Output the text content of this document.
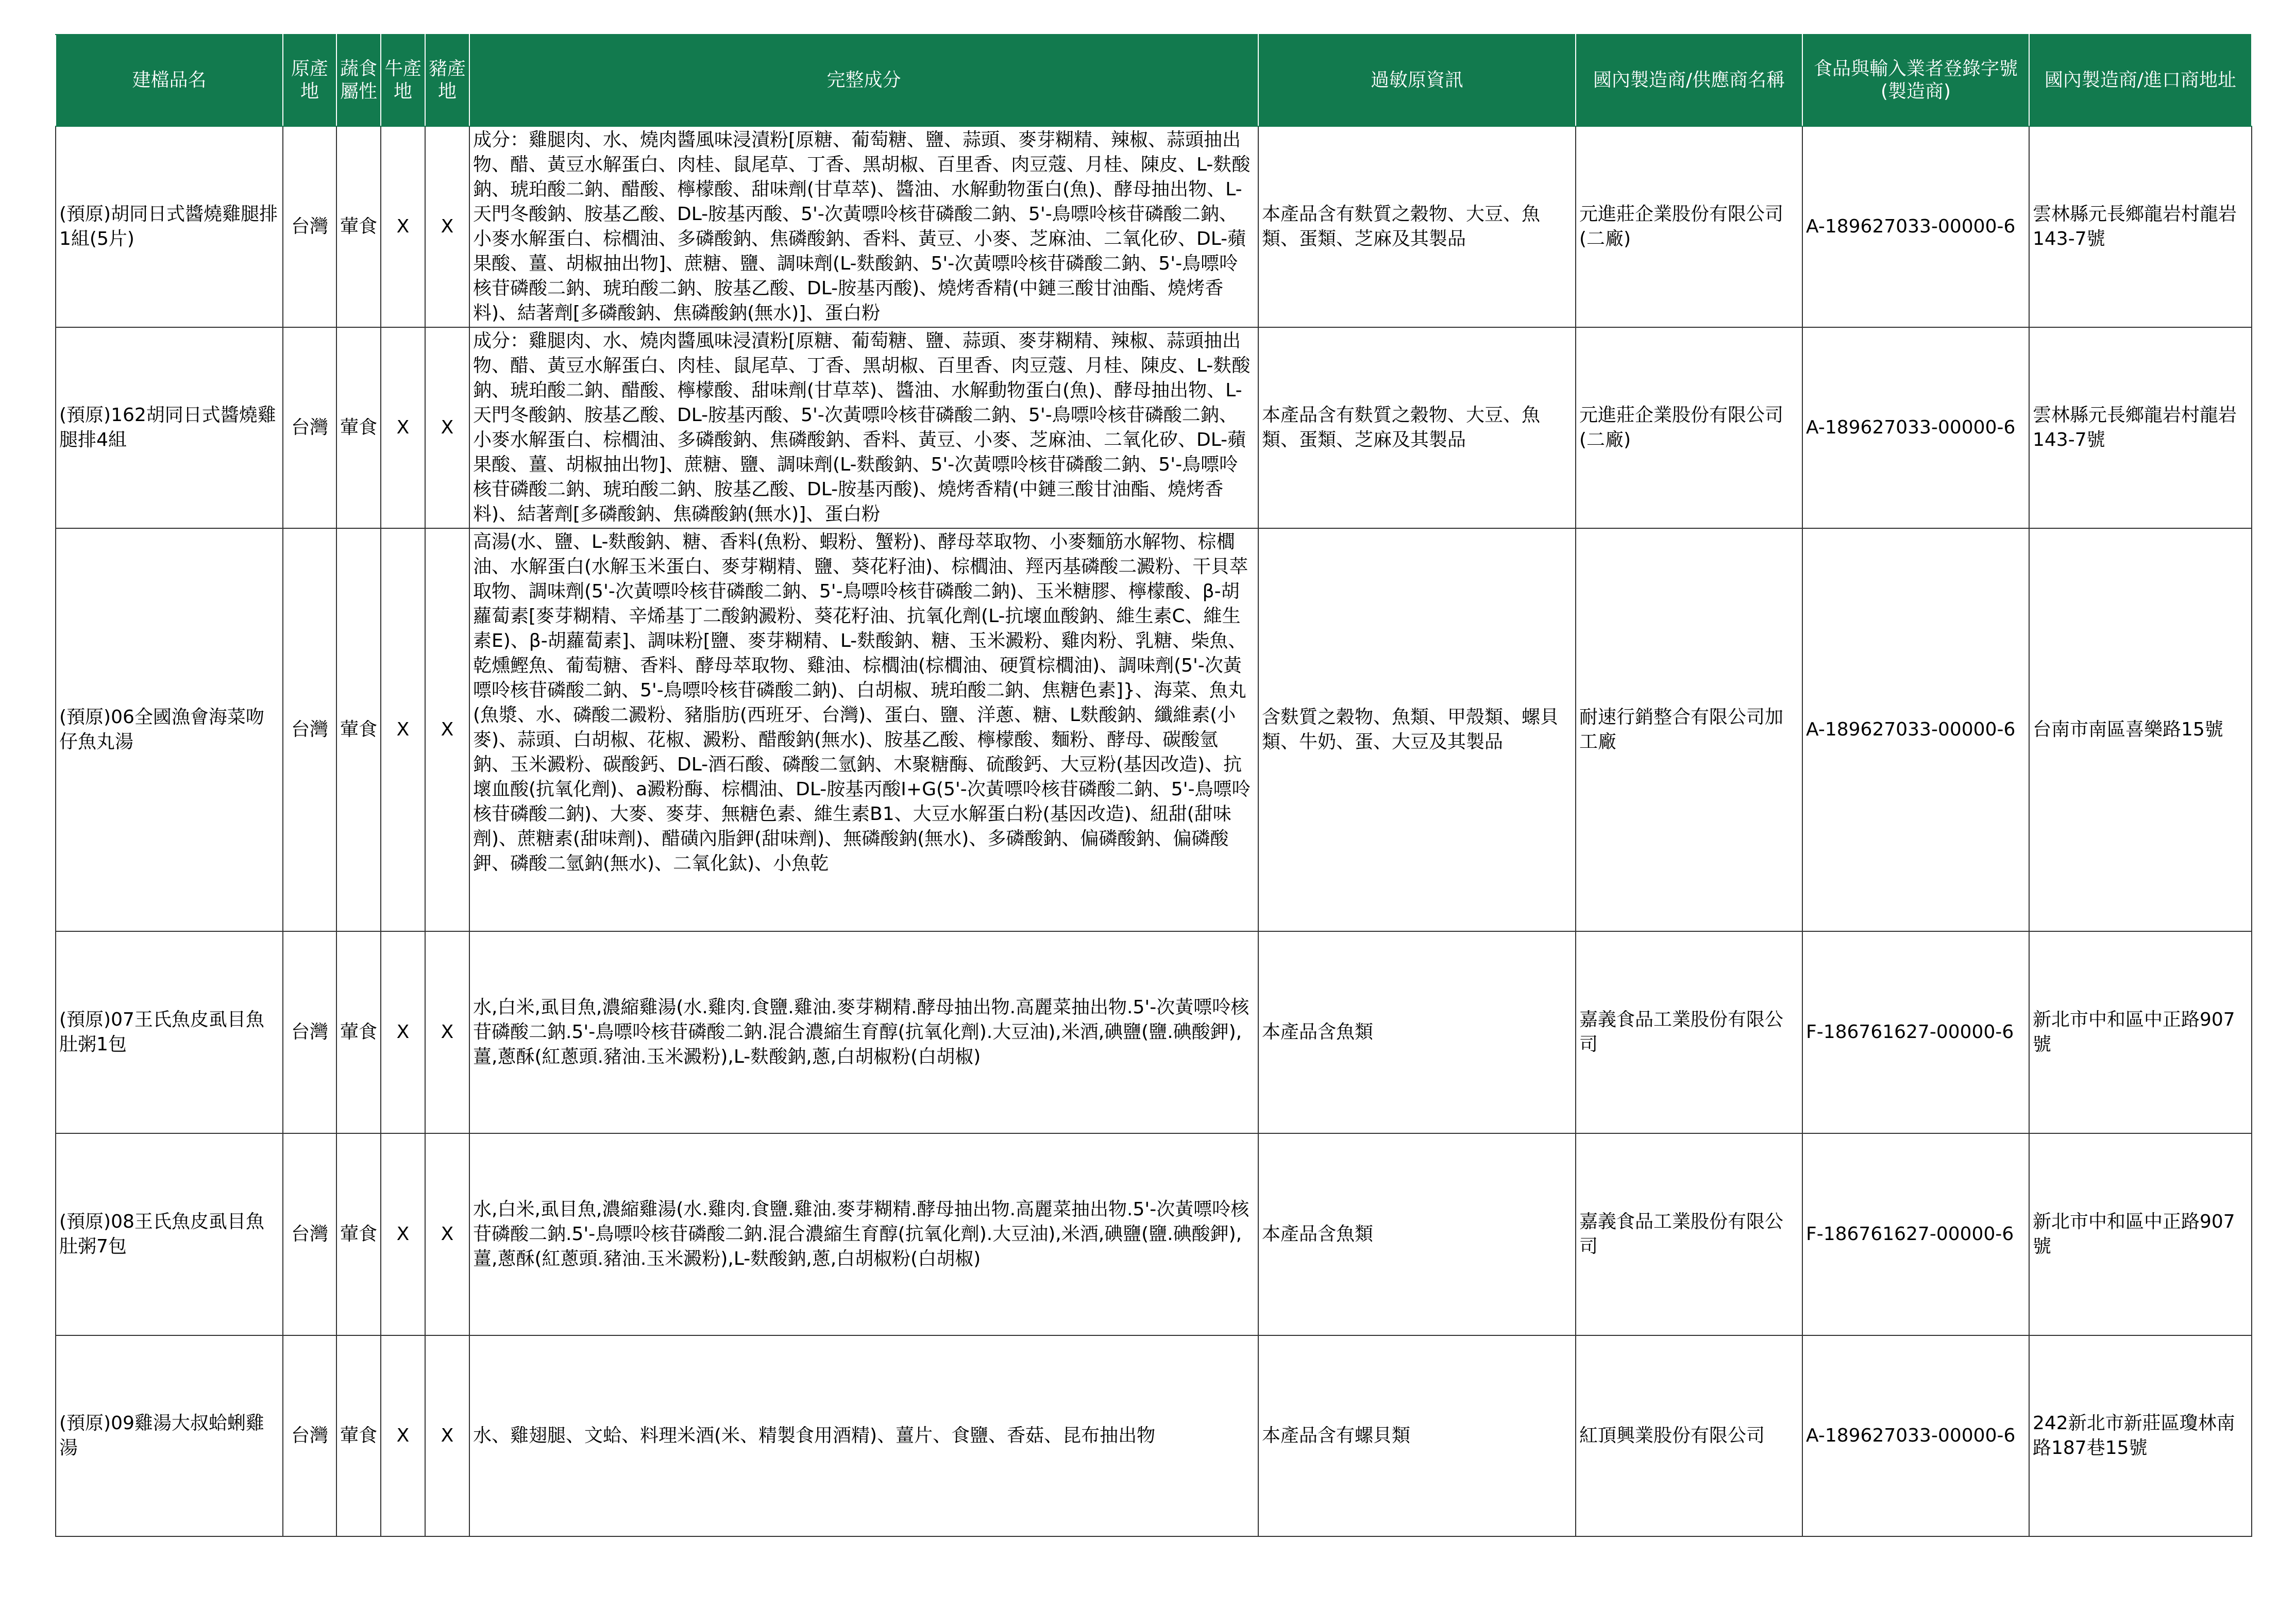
建檔品名	原產地	蔬食屬性	牛產地	豬產地	完整成分	過敏原資訊	國內製造商/供應商名稱	食品與輸入業者登錄字號(製造商)	國內製造商/進口商地址

(預原)胡同日式醬燒雞腿排1組(5片)	台灣	葷食	X	X	成分：雞腿肉、水、燒肉醬風味浸漬粉[原糖、葡萄糖、鹽、蒜頭、麥芽糊精、辣椒、蒜頭抽出物、醋、黃豆水解蛋白、肉桂、鼠尾草、丁香、黑胡椒、百里香、肉豆蔻、月桂、陳皮、L-麩酸鈉、琥珀酸二鈉、醋酸、檸檬酸、甜味劑(甘草萃)、醬油、水解動物蛋白(魚)、酵母抽出物、L-天門冬酸鈉、胺基乙酸、DL-胺基丙酸、5'-次黃嘌呤核苷磷酸二鈉、5'-鳥嘌呤核苷磷酸二鈉、小麥水解蛋白、棕櫚油、多磷酸鈉、焦磷酸鈉、香料、黃豆、小麥、芝麻油、二氧化矽、DL-蘋果酸、薑、胡椒抽出物]、蔗糖、鹽、調味劑(L-麩酸鈉、5'-次黃嘌呤核苷磷酸二鈉、5'-鳥嘌呤核苷磷酸二鈉、琥珀酸二鈉、胺基乙酸、DL-胺基丙酸)、燒烤香精(中鏈三酸甘油酯、燒烤香料)、結著劑[多磷酸鈉、焦磷酸鈉(無水)]、蛋白粉	本產品含有麩質之穀物、大豆、魚類、蛋類、芝麻及其製品	元進莊企業股份有限公司(二廠)	A-189627033-00000-6	雲林縣元長鄉龍岩村龍岩143-7號

(預原)162胡同日式醬燒雞腿排4組	台灣	葷食	X	X	成分：雞腿肉、水、燒肉醬風味浸漬粉[原糖、葡萄糖、鹽、蒜頭、麥芽糊精、辣椒、蒜頭抽出物、醋、黃豆水解蛋白、肉桂、鼠尾草、丁香、黑胡椒、百里香、肉豆蔻、月桂、陳皮、L-麩酸鈉、琥珀酸二鈉、醋酸、檸檬酸、甜味劑(甘草萃)、醬油、水解動物蛋白(魚)、酵母抽出物、L-天門冬酸鈉、胺基乙酸、DL-胺基丙酸、5'-次黃嘌呤核苷磷酸二鈉、5'-鳥嘌呤核苷磷酸二鈉、小麥水解蛋白、棕櫚油、多磷酸鈉、焦磷酸鈉、香料、黃豆、小麥、芝麻油、二氧化矽、DL-蘋果酸、薑、胡椒抽出物]、蔗糖、鹽、調味劑(L-麩酸鈉、5'-次黃嘌呤核苷磷酸二鈉、5'-鳥嘌呤核苷磷酸二鈉、琥珀酸二鈉、胺基乙酸、DL-胺基丙酸)、燒烤香精(中鏈三酸甘油酯、燒烤香料)、結著劑[多磷酸鈉、焦磷酸鈉(無水)]、蛋白粉	本產品含有麩質之穀物、大豆、魚類、蛋類、芝麻及其製品	元進莊企業股份有限公司(二廠)	A-189627033-00000-6	雲林縣元長鄉龍岩村龍岩143-7號

(預原)06全國漁會海菜吻仔魚丸湯	台灣	葷食	X	X	高湯(水、鹽、L-麩酸鈉、糖、香料(魚粉、蝦粉、蟹粉)、酵母萃取物、小麥麵筋水解物、棕櫚油、水解蛋白(水解玉米蛋白、麥芽糊精、鹽、葵花籽油)、棕櫚油、羥丙基磷酸二澱粉、干貝萃取物、調味劑(5'-次黃嘌呤核苷磷酸二鈉、5'-鳥嘌呤核苷磷酸二鈉)、玉米糖膠、檸檬酸、β-胡蘿蔔素[麥芽糊精、辛烯基丁二酸鈉澱粉、葵花籽油、抗氧化劑(L-抗壞血酸鈉、維生素C、維生素E)、β-胡蘿蔔素]、調味粉[鹽、麥芽糊精、L-麩酸鈉、糖、玉米澱粉、雞肉粉、乳糖、柴魚、乾燻鰹魚、葡萄糖、香料、酵母萃取物、雞油、棕櫚油(棕櫚油、硬質棕櫚油)、調味劑(5'-次黃嘌呤核苷磷酸二鈉、5'-鳥嘌呤核苷磷酸二鈉)、白胡椒、琥珀酸二鈉、焦糖色素]}、海菜、魚丸(魚漿、水、磷酸二澱粉、豬脂肪(西班牙、台灣)、蛋白、鹽、洋蔥、糖、L麩酸鈉、纖維素(小麥)、蒜頭、白胡椒、花椒、澱粉、醋酸鈉(無水)、胺基乙酸、檸檬酸、麵粉、酵母、碳酸氫鈉、玉米澱粉、碳酸鈣、DL-酒石酸、磷酸二氫鈉、木聚糖酶、硫酸鈣、大豆粉(基因改造)、抗壞血酸(抗氧化劑)、a澱粉酶、棕櫚油、DL-胺基丙酸I+G(5'-次黃嘌呤核苷磷酸二鈉、5'-鳥嘌呤核苷磷酸二鈉)、大麥、麥芽、無糖色素、維生素B1、大豆水解蛋白粉(基因改造)、紐甜(甜味劑)、蔗糖素(甜味劑)、醋磺內脂鉀(甜味劑)、無磷酸鈉(無水)、多磷酸鈉、偏磷酸鈉、偏磷酸鉀、磷酸二氫鈉(無水)、二氧化鈦)、小魚乾	含麩質之穀物、魚類、甲殼類、螺貝類、牛奶、蛋、大豆及其製品	耐速行銷整合有限公司加工廠	A-189627033-00000-6	台南市南區喜樂路15號

(預原)07王氏魚皮虱目魚肚粥1包	台灣	葷食	X	X	水,白米,虱目魚,濃縮雞湯(水.雞肉.食鹽.雞油.麥芽糊精.酵母抽出物.高麗菜抽出物.5'-次黃嘌呤核苷磷酸二鈉.5'-鳥嘌呤核苷磷酸二鈉.混合濃縮生育醇(抗氧化劑).大豆油),米酒,碘鹽(鹽.碘酸鉀),薑,蔥酥(紅蔥頭.豬油.玉米澱粉),L-麩酸鈉,蔥,白胡椒粉(白胡椒)	本產品含魚類	嘉義食品工業股份有限公司	F-186761627-00000-6	新北市中和區中正路907號

(預原)08王氏魚皮虱目魚肚粥7包	台灣	葷食	X	X	水,白米,虱目魚,濃縮雞湯(水.雞肉.食鹽.雞油.麥芽糊精.酵母抽出物.高麗菜抽出物.5'-次黃嘌呤核苷磷酸二鈉.5'-鳥嘌呤核苷磷酸二鈉.混合濃縮生育醇(抗氧化劑).大豆油),米酒,碘鹽(鹽.碘酸鉀),薑,蔥酥(紅蔥頭.豬油.玉米澱粉),L-麩酸鈉,蔥,白胡椒粉(白胡椒)	本產品含魚類	嘉義食品工業股份有限公司	F-186761627-00000-6	新北市中和區中正路907號

(預原)09雞湯大叔蛤蜊雞湯	台灣	葷食	X	X	水、雞翅腿、文蛤、料理米酒(米、精製食用酒精)、薑片、食鹽、香菇、昆布抽出物	本產品含有螺貝類	紅頂興業股份有限公司	A-189627033-00000-6	242新北市新莊區瓊林南路187巷15號
